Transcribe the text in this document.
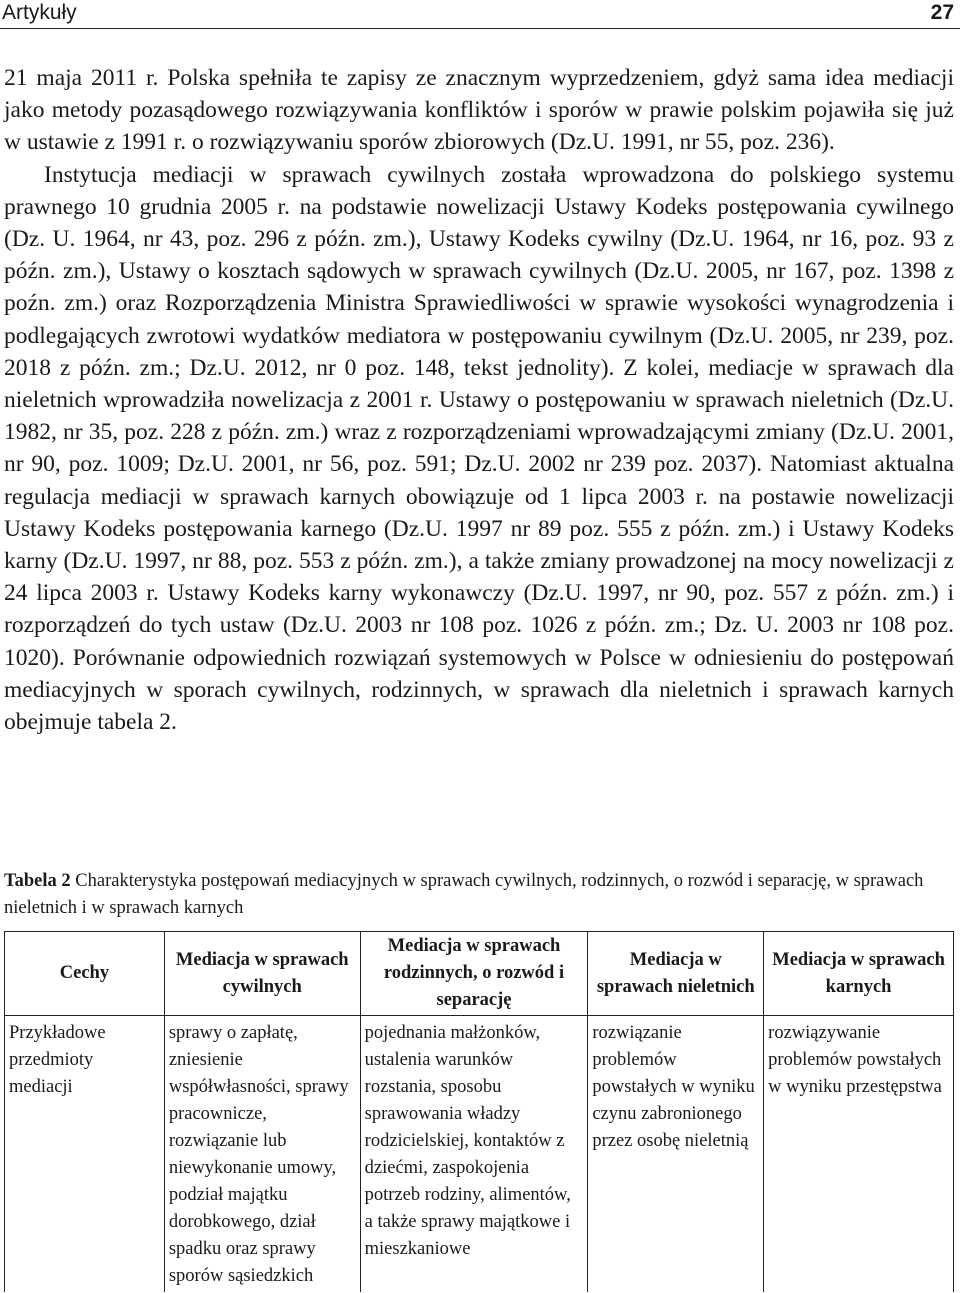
Artykuły	27

21 maja 2011 r. Polska spełniła te zapisy ze znacznym wyprzedzeniem, gdyż sama idea mediacji jako metody pozasądowego rozwiązywania konfliktów i sporów w prawie polskim pojawiła się już w ustawie z 1991 r. o rozwiązywaniu sporów zbiorowych (Dz.U. 1991, nr 55, poz. 236).

Instytucja mediacji w sprawach cywilnych została wprowadzona do polskiego systemu prawnego 10 grudnia 2005 r. na podstawie nowelizacji Ustawy Kodeks postępowania cywilnego (Dz. U. 1964, nr 43, poz. 296 z późn. zm.), Ustawy Kodeks cywilny (Dz.U. 1964, nr 16, poz. 93 z późn. zm.), Ustawy o kosztach sądowych w sprawach cywilnych (Dz.U. 2005, nr 167, poz. 1398 z poźn. zm.) oraz Rozporządzenia Ministra Sprawiedliwości w sprawie wysokości wynagrodzenia i podlegających zwrotowi wydatków mediatora w postępowaniu cywilnym (Dz.U. 2005, nr 239, poz. 2018 z późn. zm.; Dz.U. 2012, nr 0 poz. 148, tekst jednolity). Z kolei, mediacje w sprawach dla nieletnich wprowadziła nowelizacja z 2001 r. Ustawy o postępowaniu w sprawach nieletnich (Dz.U. 1982, nr 35, poz. 228 z późn. zm.) wraz z rozporządzeniami wprowadzającymi zmiany (Dz.U. 2001, nr 90, poz. 1009; Dz.U. 2001, nr 56, poz. 591; Dz.U. 2002 nr 239 poz. 2037). Natomiast aktualna regulacja mediacji w sprawach karnych obowiązuje od 1 lipca 2003 r. na postawie nowelizacji Ustawy Kodeks postępowania karnego (Dz.U. 1997 nr 89 poz. 555 z późn. zm.) i Ustawy Kodeks karny (Dz.U. 1997, nr 88, poz. 553 z późn. zm.), a także zmiany prowadzonej na mocy nowelizacji z 24 lipca 2003 r. Ustawy Kodeks karny wykonawczy (Dz.U. 1997, nr 90, poz. 557 z późn. zm.) i rozporządzeń do tych ustaw (Dz.U. 2003 nr 108 poz. 1026 z późn. zm.; Dz. U. 2003 nr 108 poz. 1020). Porównanie odpowiednich rozwiązań systemowych w Polsce w odniesieniu do postępowań mediacyjnych w sporach cywilnych, rodzinnych, w sprawach dla nieletnich i sprawach karnych obejmuje tabela 2.

Tabela 2 Charakterystyka postępowań mediacyjnych w sprawach cywilnych, rodzinnych, o rozwód i separację, w sprawach nieletnich i w sprawach karnych
Cechy	Mediacja w sprawach cywilnych	Mediacja w sprawach rodzinnych, o rozwód i separację	Mediacja w sprawach nieletnich	Mediacja w sprawach karnych
Przykładowe przedmioty mediacji	sprawy o zapłatę, zniesienie współwłasności, sprawy pracownicze, rozwiązanie lub niewykonanie umowy, podział majątku dorobkowego, dział spadku oraz sprawy sporów sąsiedzkich	pojednania małżonków, ustalenia warunków rozstania, sposobu sprawowania władzy rodzicielskiej, kontaktów z dziećmi, zaspokojenia potrzeb rodziny, alimentów, a także sprawy majątkowe i mieszkaniowe	rozwiązanie problemów powstałych w wyniku czynu zabronionego przez osobę nieletnią	rozwiązywanie problemów powstałych w wyniku przestępstwa
